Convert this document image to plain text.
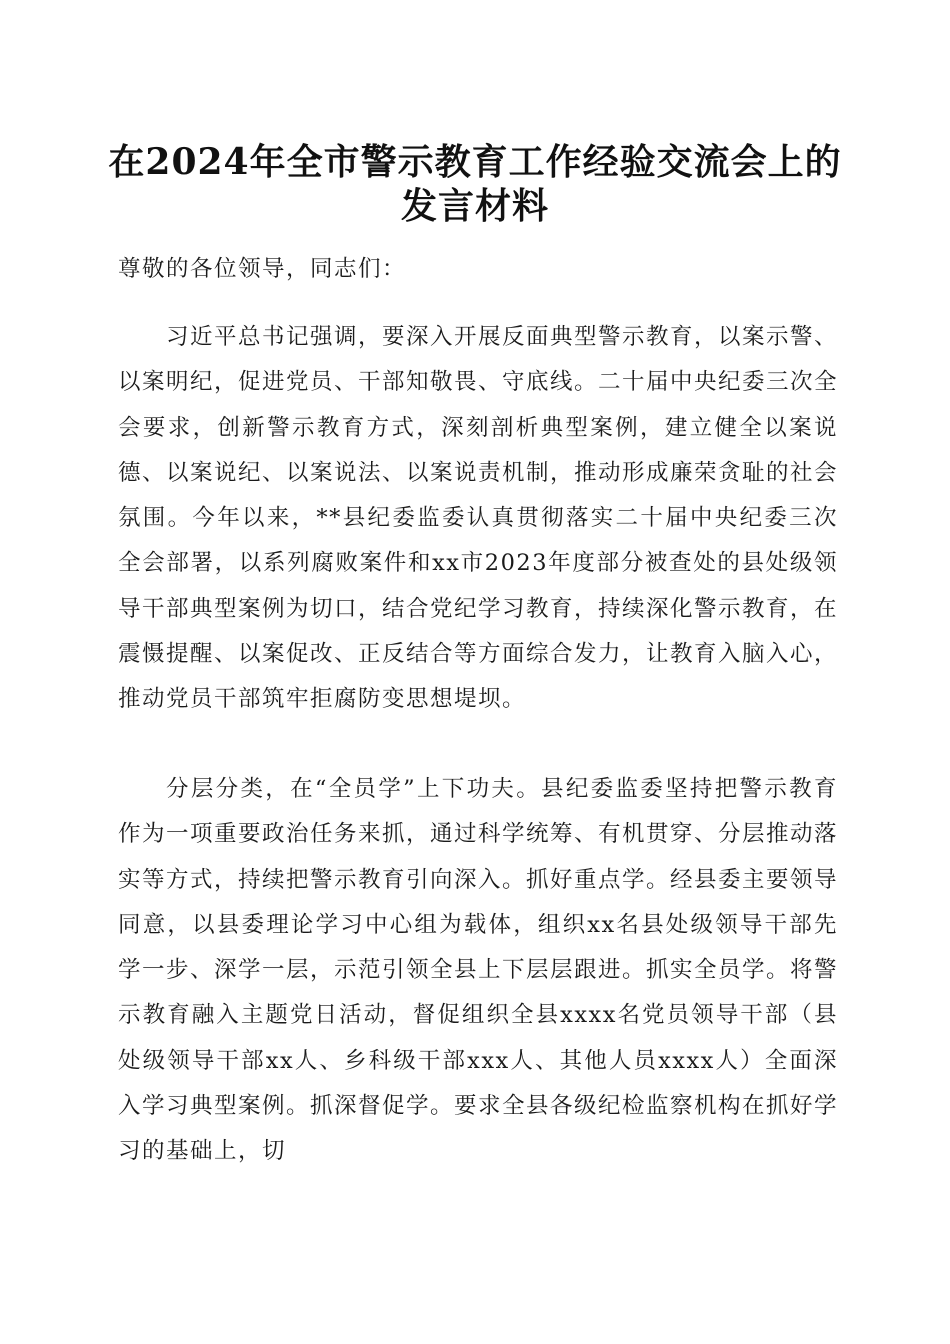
在2024年全市警示教育工作经验交流会上的
发言材料
尊敬的各位领导，同志们：
习近平总书记强调，要深入开展反面典型警示教育，以案示警、以案明纪，促进党员、干部知敬畏、守底线。二十届中央纪委三次全会要求，创新警示教育方式，深刻剖析典型案例，建立健全以案说德、以案说纪、以案说法、以案说责机制，推动形成廉荣贪耻的社会氛围。今年以来，**县纪委监委认真贯彻落实二十届中央纪委三次全会部署，以系列腐败案件和xx市2023年度部分被查处的县处级领导干部典型案例为切口，结合党纪学习教育，持续深化警示教育，在震慑提醒、以案促改、正反结合等方面综合发力，让教育入脑入心，推动党员干部筑牢拒腐防变思想堤坝。
分层分类，在“全员学”上下功夫。县纪委监委坚持把警示教育作为一项重要政治任务来抓，通过科学统筹、有机贯穿、分层推动落实等方式，持续把警示教育引向深入。抓好重点学。经县委主要领导同意，以县委理论学习中心组为载体，组织xx名县处级领导干部先学一步、深学一层，示范引领全县上下层层跟进。抓实全员学。将警示教育融入主题党日活动，督促组织全县xxxx名党员领导干部（县处级领导干部xx人、乡科级干部xxx人、其他人员xxxx人）全面深入学习典型案例。抓深督促学。要求全县各级纪检监察机构在抓好学习的基础上，切
